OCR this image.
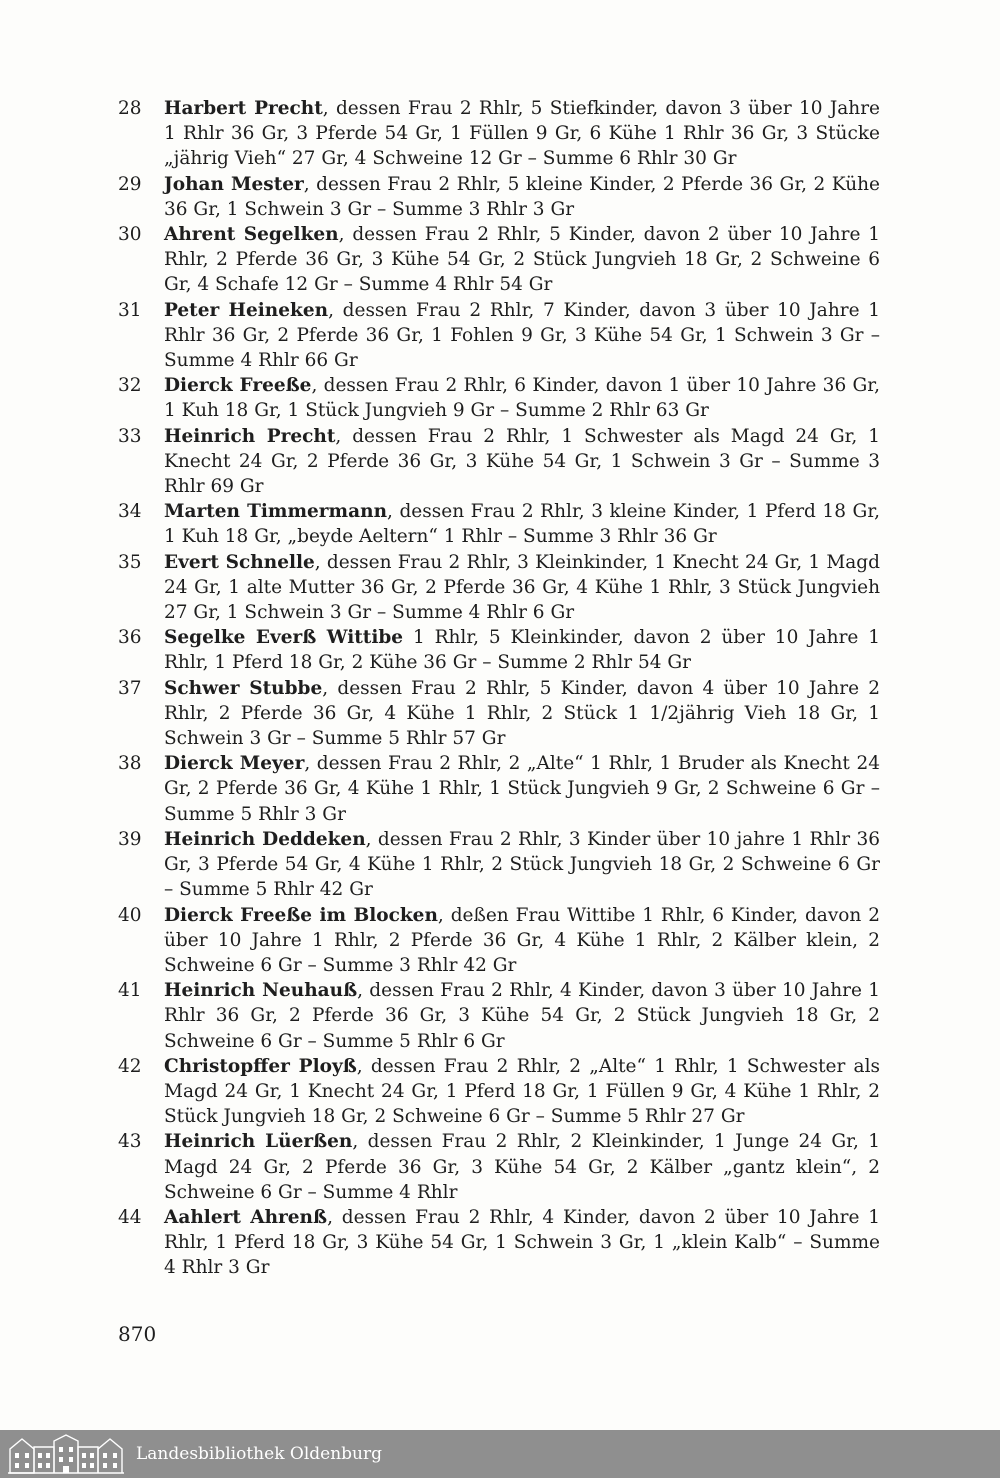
28	Harbert Precht, dessen Frau 2 Rhlr, 5 Stiefkinder, davon 3 über 10 Jahre 1 Rhlr 36 Gr, 3 Pferde 54 Gr, 1 Füllen 9 Gr, 6 Kühe 1 Rhlr 36 Gr, 3 Stücke „jährig Vieh“ 27 Gr, 4 Schweine 12 Gr – Summe 6 Rhlr 30 Gr
29	Johan Mester, dessen Frau 2 Rhlr, 5 kleine Kinder, 2 Pferde 36 Gr, 2 Kühe 36 Gr, 1 Schwein 3 Gr – Summe 3 Rhlr 3 Gr
30	Ahrent Segelken, dessen Frau 2 Rhlr, 5 Kinder, davon 2 über 10 Jahre 1 Rhlr, 2 Pferde 36 Gr, 3 Kühe 54 Gr, 2 Stück Jungvieh 18 Gr, 2 Schweine 6 Gr, 4 Schafe 12 Gr – Summe 4 Rhlr 54 Gr
31	Peter Heineken, dessen Frau 2 Rhlr, 7 Kinder, davon 3 über 10 Jahre 1 Rhlr 36 Gr, 2 Pferde 36 Gr, 1 Fohlen 9 Gr, 3 Kühe 54 Gr, 1 Schwein 3 Gr – Summe 4 Rhlr 66 Gr
32	Dierck Freeße, dessen Frau 2 Rhlr, 6 Kinder, davon 1 über 10 Jahre 36 Gr, 1 Kuh 18 Gr, 1 Stück Jungvieh 9 Gr – Summe 2 Rhlr 63 Gr
33	Heinrich Precht, dessen Frau 2 Rhlr, 1 Schwester als Magd 24 Gr, 1 Knecht 24 Gr, 2 Pferde 36 Gr, 3 Kühe 54 Gr, 1 Schwein 3 Gr – Summe 3 Rhlr 69 Gr
34	Marten Timmermann, dessen Frau 2 Rhlr, 3 kleine Kinder, 1 Pferd 18 Gr, 1 Kuh 18 Gr, „beyde Aeltern“ 1 Rhlr – Summe 3 Rhlr 36 Gr
35	Evert Schnelle, dessen Frau 2 Rhlr, 3 Kleinkinder, 1 Knecht 24 Gr, 1 Magd 24 Gr, 1 alte Mutter 36 Gr, 2 Pferde 36 Gr, 4 Kühe 1 Rhlr, 3 Stück Jungvieh 27 Gr, 1 Schwein 3 Gr – Summe 4 Rhlr 6 Gr
36	Segelke Everß Wittibe 1 Rhlr, 5 Kleinkinder, davon 2 über 10 Jahre 1 Rhlr, 1 Pferd 18 Gr, 2 Kühe 36 Gr – Summe 2 Rhlr 54 Gr
37	Schwer Stubbe, dessen Frau 2 Rhlr, 5 Kinder, davon 4 über 10 Jahre 2 Rhlr, 2 Pferde 36 Gr, 4 Kühe 1 Rhlr, 2 Stück 1 1/2jährig Vieh 18 Gr, 1 Schwein 3 Gr – Summe 5 Rhlr 57 Gr
38	Dierck Meyer, dessen Frau 2 Rhlr, 2 „Alte“ 1 Rhlr, 1 Bruder als Knecht 24 Gr, 2 Pferde 36 Gr, 4 Kühe 1 Rhlr, 1 Stück Jungvieh 9 Gr, 2 Schweine 6 Gr –Summe 5 Rhlr 3 Gr
39	Heinrich Deddeken, dessen Frau 2 Rhlr, 3 Kinder über 10 jahre 1 Rhlr 36 Gr, 3 Pferde 54 Gr, 4 Kühe 1 Rhlr, 2 Stück Jungvieh 18 Gr, 2 Schweine 6 Gr – Summe 5 Rhlr 42 Gr
40	Dierck Freeße im Blocken, deßen Frau Wittibe 1 Rhlr, 6 Kinder, davon 2 über 10 Jahre 1 Rhlr, 2 Pferde 36 Gr, 4 Kühe 1 Rhlr, 2 Kälber klein, 2 Schweine 6 Gr – Summe 3 Rhlr 42 Gr
41	Heinrich Neuhauß, dessen Frau 2 Rhlr, 4 Kinder, davon 3 über 10 Jahre 1 Rhlr 36 Gr, 2 Pferde 36 Gr, 3 Kühe 54 Gr, 2 Stück Jungvieh 18 Gr, 2 Schweine 6 Gr – Summe 5 Rhlr 6 Gr
42	Christopffer Ployß, dessen Frau 2 Rhlr, 2 „Alte“ 1 Rhlr, 1 Schwester als Magd 24 Gr, 1 Knecht 24 Gr, 1 Pferd 18 Gr, 1 Füllen 9 Gr, 4 Kühe 1 Rhlr, 2 Stück Jungvieh 18 Gr, 2 Schweine 6 Gr – Summe 5 Rhlr 27 Gr
43	Heinrich Lüerßen, dessen Frau 2 Rhlr, 2 Kleinkinder, 1 Junge 24 Gr, 1 Magd 24 Gr, 2 Pferde 36 Gr, 3 Kühe 54 Gr, 2 Kälber „gantz klein“, 2 Schweine 6 Gr – Summe 4 Rhlr
44	Aahlert Ahrenß, dessen Frau 2 Rhlr, 4 Kinder, davon 2 über 10 Jahre 1 Rhlr, 1 Pferd 18 Gr, 3 Kühe 54 Gr, 1 Schwein 3 Gr, 1 „klein Kalb“ – Summe 4 Rhlr 3 Gr
870
Landesbibliothek Oldenburg
